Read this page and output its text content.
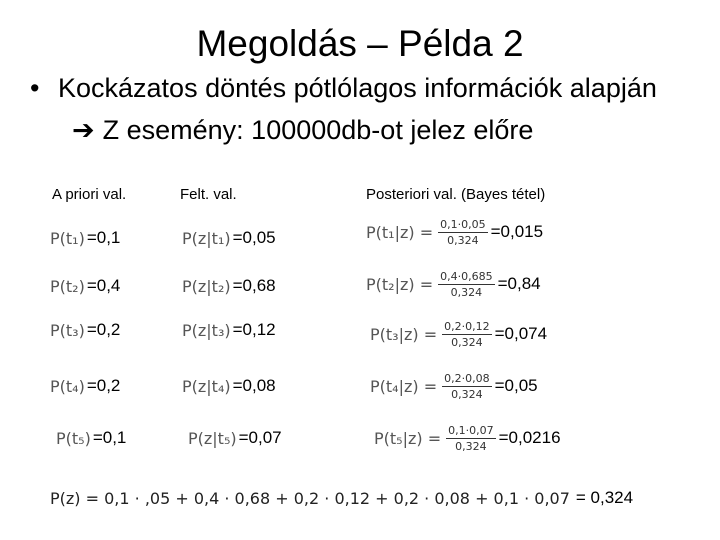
Megoldás – Példa 2
• Kockázatos döntés pótlólagos információk alapján
➔ Z esemény: 100000db-ot jelez előre
A priori val.	Felt. val.	Posteriori val. (Bayes tétel)
P(t₁) =0,1	P(z|t₁) =0,05	$P(t_1|z) = \frac{0,1\cdot 0,05}{0,324} =0,015$
P(t₂) =0,4	P(z|t₂) =0,68	$P(t_2|z) = \frac{0,4\cdot 0,685}{0,324} =0,84$
P(t₃) =0,2	P(z|t₃) =0,12	$P(t_3|z) = \frac{0,2\cdot 0,12}{0,324} =0,074$
P(t₄) =0,2	P(z|t₄) =0,08	$P(t_4|z) = \frac{0,2\cdot 0,08}{0,324} =0,05$
P(t₅) =0,1	P(z|t₅) =0,07	$P(t_5|z) = \frac{0,1\cdot 0,07}{0,324} =0,0216$
P(z) = 0,1 · ,05 + 0,4 · 0,68 + 0,2 · 0,12 + 0,2 · 0,08 + 0,1 · 0,07 = 0,324
